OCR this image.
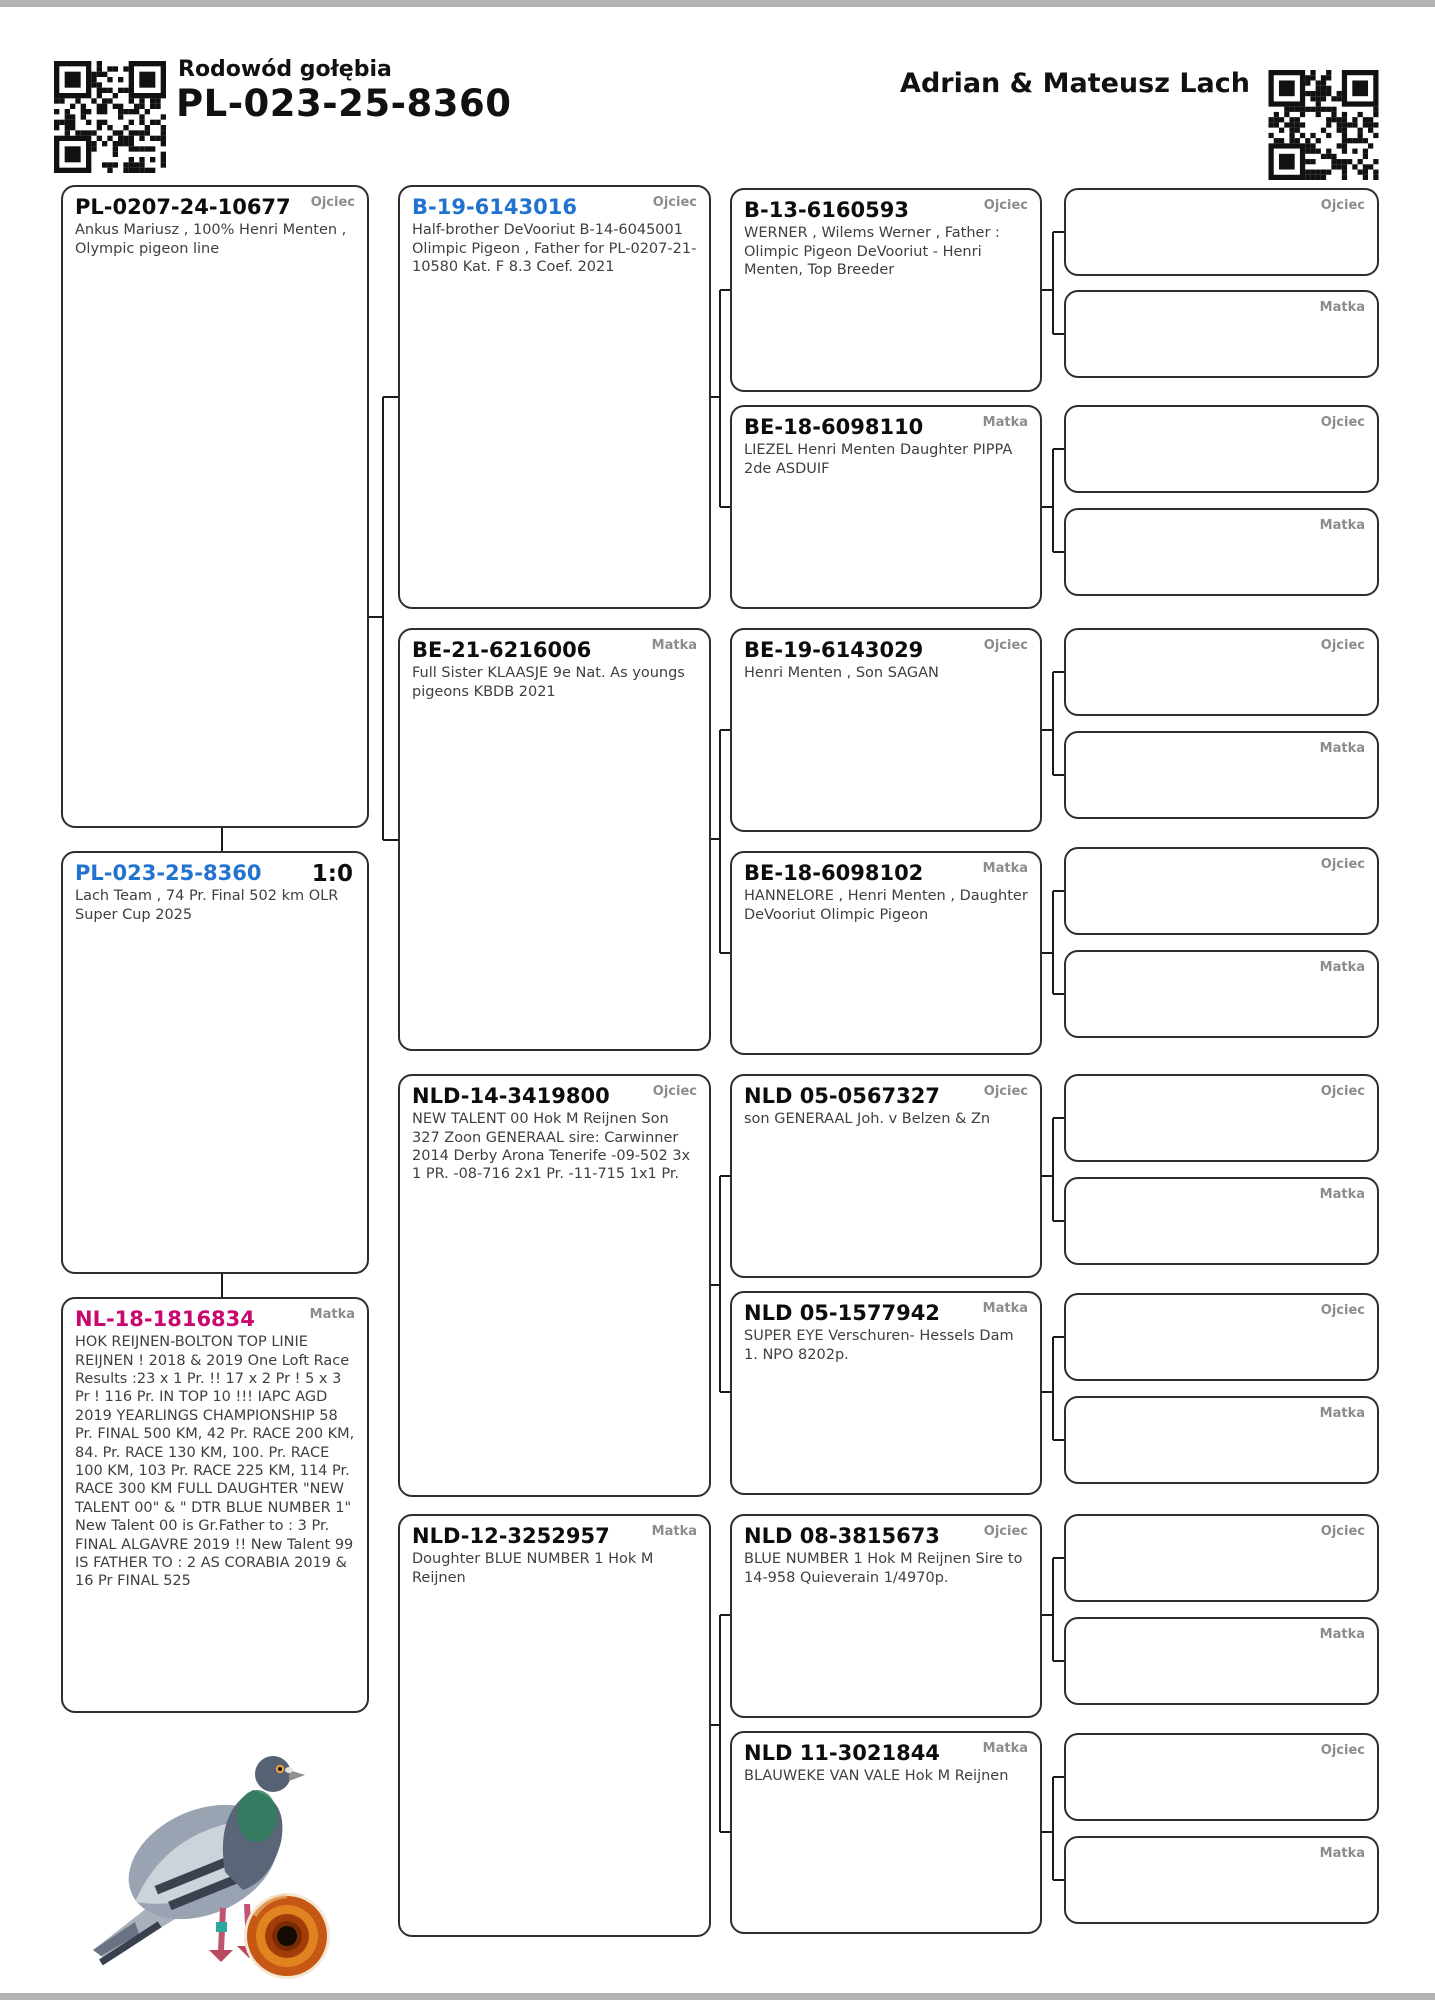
Rodowód gołębia
PL-023-25-8360	Adrian & Mateusz Lach
Ojciec
PL-0207-24-10677
Ankus Mariusz , 100% Henri Menten , Olympic pigeon line
1:0
PL-023-25-8360
Lach Team , 74 Pr. Final 502 km OLR Super Cup 2025
Matka
NL-18-1816834
HOK REIJNEN-BOLTON TOP LINIE REIJNEN ! 2018 & 2019 One Loft Race Results :23 x 1 Pr. !! 17 x 2 Pr ! 5 x 3 Pr ! 116 Pr. IN TOP 10 !!! IAPC AGD 2019 YEARLINGS CHAMPIONSHIP 58 Pr. FINAL 500 KM, 42 Pr. RACE 200 KM, 84. Pr. RACE 130 KM, 100. Pr. RACE 100 KM, 103 Pr. RACE 225 KM, 114 Pr. RACE 300 KM FULL DAUGHTER "NEW TALENT 00" & " DTR BLUE NUMBER 1" New Talent 00 is Gr.Father to : 3 Pr. FINAL ALGAVRE 2019 !! New Talent 99 IS FATHER TO : 2 AS CORABIA 2019 & 16 Pr FINAL 525
Ojciec
B-19-6143016
Half-brother DeVooriut B-14-6045001 Olimpic Pigeon , Father for PL-0207-21-10580 Kat. F 8.3 Coef. 2021
Matka
BE-21-6216006
Full Sister KLAASJE 9e Nat. As youngs pigeons KBDB 2021
Ojciec
NLD-14-3419800
NEW TALENT 00 Hok M Reijnen Son 327 Zoon GENERAAL sire: Carwinner 2014 Derby Arona Tenerife -09-502 3x 1 PR. -08-716 2x1 Pr. -11-715 1x1 Pr.
Matka
NLD-12-3252957
Doughter BLUE NUMBER 1 Hok M Reijnen
Ojciec
B-13-6160593
WERNER , Wilems Werner , Father : Olimpic Pigeon DeVooriut - Henri Menten, Top Breeder
Matka
BE-18-6098110
LIEZEL Henri Menten Daughter PIPPA 2de ASDUIF
Ojciec
BE-19-6143029
Henri Menten , Son SAGAN
Matka
BE-18-6098102
HANNELORE , Henri Menten , Daughter DeVooriut Olimpic Pigeon
Ojciec
NLD 05-0567327
son GENERAAL Joh. v Belzen & Zn
Matka
NLD 05-1577942
SUPER EYE Verschuren- Hessels Dam 1. NPO 8202p.
Ojciec
NLD 08-3815673
BLUE NUMBER 1 Hok M Reijnen Sire to 14-958 Quieverain 1/4970p.
Matka
NLD 11-3021844
BLAUWEKE VAN VALE Hok M Reijnen
Ojciec
Matka
Ojciec
Matka
Ojciec
Matka
Ojciec
Matka
Ojciec
Matka
Ojciec
Matka
Ojciec
Matka
Ojciec
Matka
